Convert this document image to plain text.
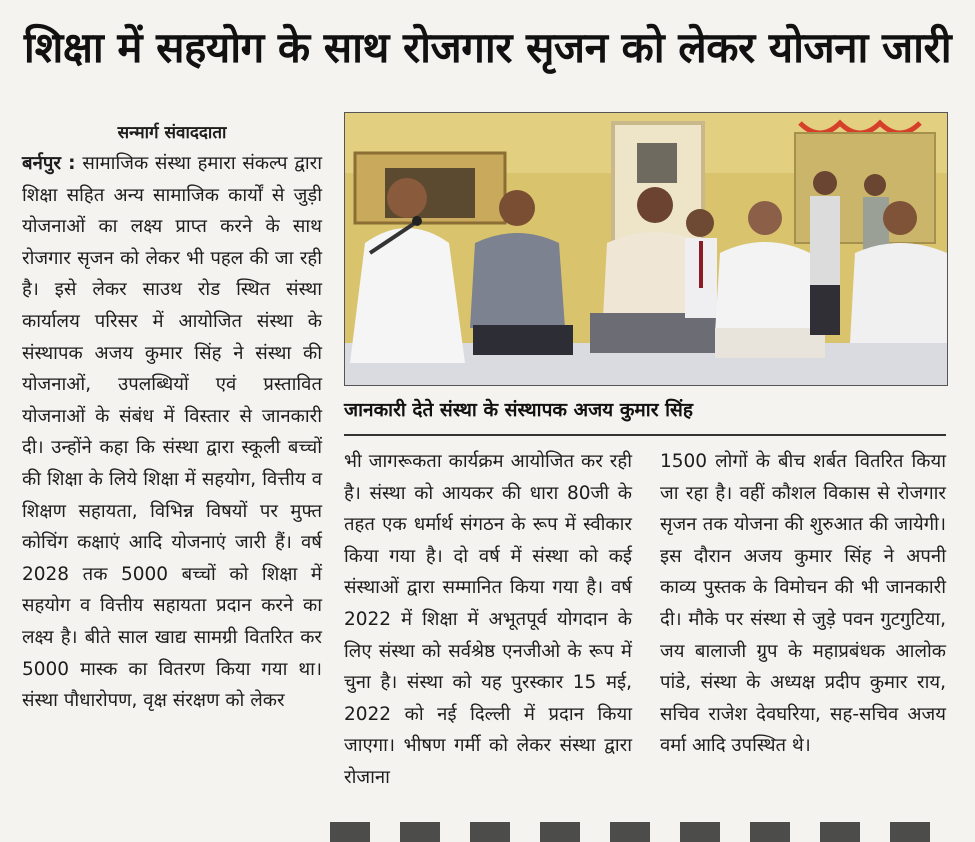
शिक्षा में सहयोग के साथ रोजगार सृजन को लेकर योजना जारी
सन्मार्ग संवाददाता

बर्नपुर : सामाजिक संस्था हमारा संकल्प द्वारा शिक्षा सहित अन्य सामाजिक कार्यों से जुड़ी योजनाओं का लक्ष्य प्राप्त करने के साथ रोजगार सृजन को लेकर भी पहल की जा रही है। इसे लेकर साउथ रोड स्थित संस्था कार्यालय परिसर में आयोजित संस्था के संस्थापक अजय कुमार सिंह ने संस्था की योजनाओं, उपलब्धियों एवं प्रस्तावित योजनाओं के संबंध में विस्तार से जानकारी दी। उन्होंने कहा कि संस्था द्वारा स्कूली बच्चों की शिक्षा के लिये शिक्षा में सहयोग, वित्तीय व शिक्षण सहायता, विभिन्न विषयों पर मुफ्त कोचिंग कक्षाएं आदि योजनाएं जारी हैं। वर्ष 2028 तक 5000 बच्चों को शिक्षा में सहयोग व वित्तीय सहायता प्रदान करने का लक्ष्य है। बीते साल खाद्य सामग्री वितरित कर 5000 मास्क का वितरण किया गया था। संस्था पौधारोपण, वृक्ष संरक्षण को लेकर

जानकारी देते संस्था के संस्थापक अजय कुमार सिंह

भी जागरूकता कार्यक्रम आयोजित कर रही है। संस्था को आयकर की धारा 80जी के तहत एक धर्मार्थ संगठन के रूप में स्वीकार किया गया है। दो वर्ष में संस्था को कई संस्थाओं द्वारा सम्मानित किया गया है। वर्ष 2022 में शिक्षा में अभूतपूर्व योगदान के लिए संस्था को सर्वश्रेष्ठ एनजीओ के रूप में चुना है। संस्था को यह पुरस्कार 15 मई, 2022 को नई दिल्ली में प्रदान किया जाएगा। भीषण गर्मी को लेकर संस्था द्वारा रोजाना

1500 लोगों के बीच शर्बत वितरित किया जा रहा है। वहीं कौशल विकास से रोजगार सृजन तक योजना की शुरुआत की जायेगी। इस दौरान अजय कुमार सिंह ने अपनी काव्य पुस्तक के विमोचन की भी जानकारी दी। मौके पर संस्था से जुड़े पवन गुटगुटिया, जय बालाजी ग्रुप के महाप्रबंधक आलोक पांडे, संस्था के अध्यक्ष प्रदीप कुमार राय, सचिव राजेश देवघरिया, सह-सचिव अजय वर्मा आदि उपस्थित थे।
